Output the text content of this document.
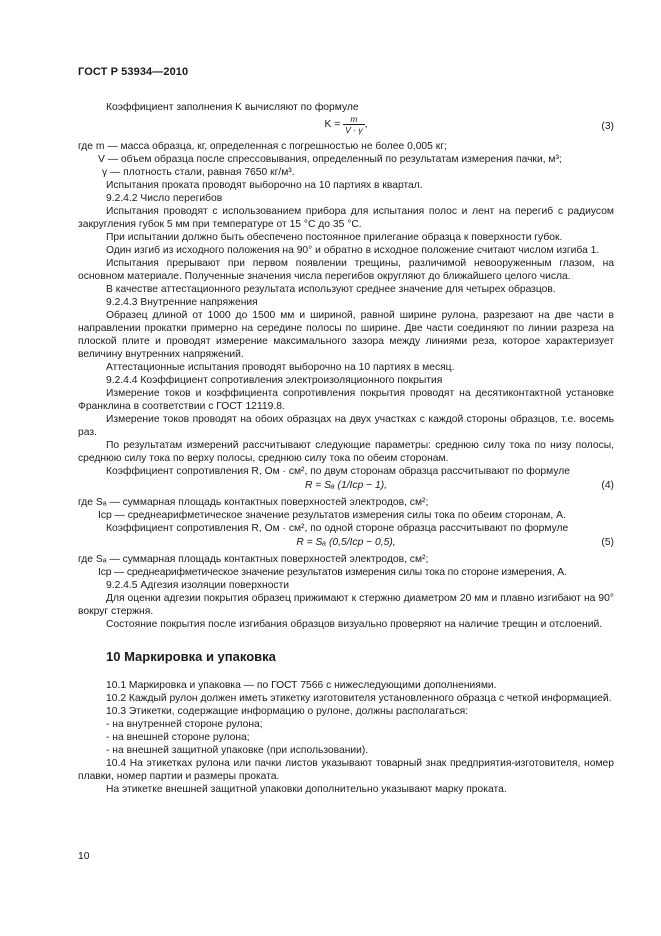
ГОСТ Р 53934—2010

Коэффициент заполнения K вычисляют по формуле

$K = \frac{m}{V \cdot \gamma}$ ,	(3)

где m — масса образца, кг, определенная с погрешностью не более 0,005 кг;

V — объем образца после спрессовывания, определенный по результатам измерения пачки, м³;

γ — плотность стали, равная 7650 кг/м³.

Испытания проката проводят выборочно на 10 партиях в квартал.

9.2.4.2 Число перегибов

Испытания проводят с использованием прибора для испытания полос и лент на перегиб с радиусом закругления губок 5 мм при температуре от 15 °C до 35 °C.

При испытании должно быть обеспечено постоянное прилегание образца к поверхности губок.

Один изгиб из исходного положения на 90° и обратно в исходное положение считают числом изгиба 1.

Испытания прерывают при первом появлении трещины, различимой невооруженным глазом, на основном материале. Полученные значения числа перегибов округляют до ближайшего целого числа.

В качестве аттестационного результата используют среднее значение для четырех образцов.

9.2.4.3 Внутренние напряжения

Образец длиной от 1000 до 1500 мм и шириной, равной ширине рулона, разрезают на две части в направлении прокатки примерно на середине полосы по ширине. Две части соединяют по линии разреза на плоской плите и проводят измерение максимального зазора между линиями реза, которое характеризует величину внутренних напряжений.

Аттестационные испытания проводят выборочно на 10 партиях в месяц.

9.2.4.4 Коэффициент сопротивления электроизоляционного покрытия

Измерение токов и коэффициента сопротивления покрытия проводят на десятиконтактной установке Франклина в соответствии с ГОСТ 12119.8.

Измерение токов проводят на обоих образцах на двух участках с каждой стороны образцов, т.е. восемь раз.

По результатам измерений рассчитывают следующие параметры: среднюю силу тока по низу полосы, среднюю силу тока по верху полосы, среднюю силу тока по обеим сторонам.

Коэффициент сопротивления R, Ом · см², по двум сторонам образца рассчитывают по формуле

R = Sₐ (1/Iср − 1),	(4)

где Sₐ — суммарная площадь контактных поверхностей электродов, см²;

Iср — среднеарифметическое значение результатов измерения силы тока по обеим сторонам, А.

Коэффициент сопротивления R, Ом · см², по одной стороне образца рассчитывают по формуле

R = Sₐ (0,5/Iср − 0,5),	(5)

где Sₐ — суммарная площадь контактных поверхностей электродов, см²;

Iср — среднеарифметическое значение результатов измерения силы тока по стороне измерения, А.

9.2.4.5 Адгезия изоляции поверхности

Для оценки адгезии покрытия образец прижимают к стержню диаметром 20 мм и плавно изгибают на 90° вокруг стержня.

Состояние покрытия после изгибания образцов визуально проверяют на наличие трещин и отслоений.

10 Маркировка и упаковка

10.1 Маркировка и упаковка — по ГОСТ 7566 с нижеследующими дополнениями.

10.2 Каждый рулон должен иметь этикетку изготовителя установленного образца с четкой информацией.

10.3 Этикетки, содержащие информацию о рулоне, должны располагаться:

- на внутренней стороне рулона;

- на внешней стороне рулона;

- на внешней защитной упаковке (при использовании).

10.4 На этикетках рулона или пачки листов указывают товарный знак предприятия-изготовителя, номер плавки, номер партии и размеры проката.

На этикетке внешней защитной упаковки дополнительно указывают марку проката.

10
